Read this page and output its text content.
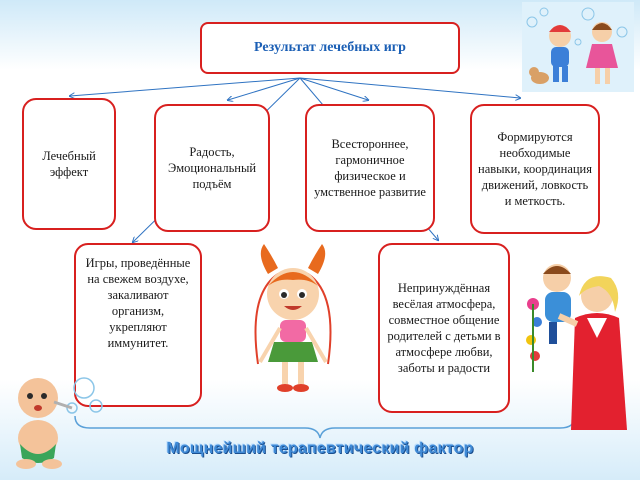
Результат лечебных игр
Лечебный эффект
Радость, Эмоциональный подъём
Всестороннее, гармоничное физическое и умственное развитие
Формируются необходимые навыки, координация движений, ловкость и меткость.
Игры, проведённые на свежем воздухе, закаливают организм, укрепляют иммунитет.
Непринуждённая весёлая атмосфера, совместное общение родителей с детьми в атмосфере любви, заботы и радости
Мощнейший терапевтический фактор
